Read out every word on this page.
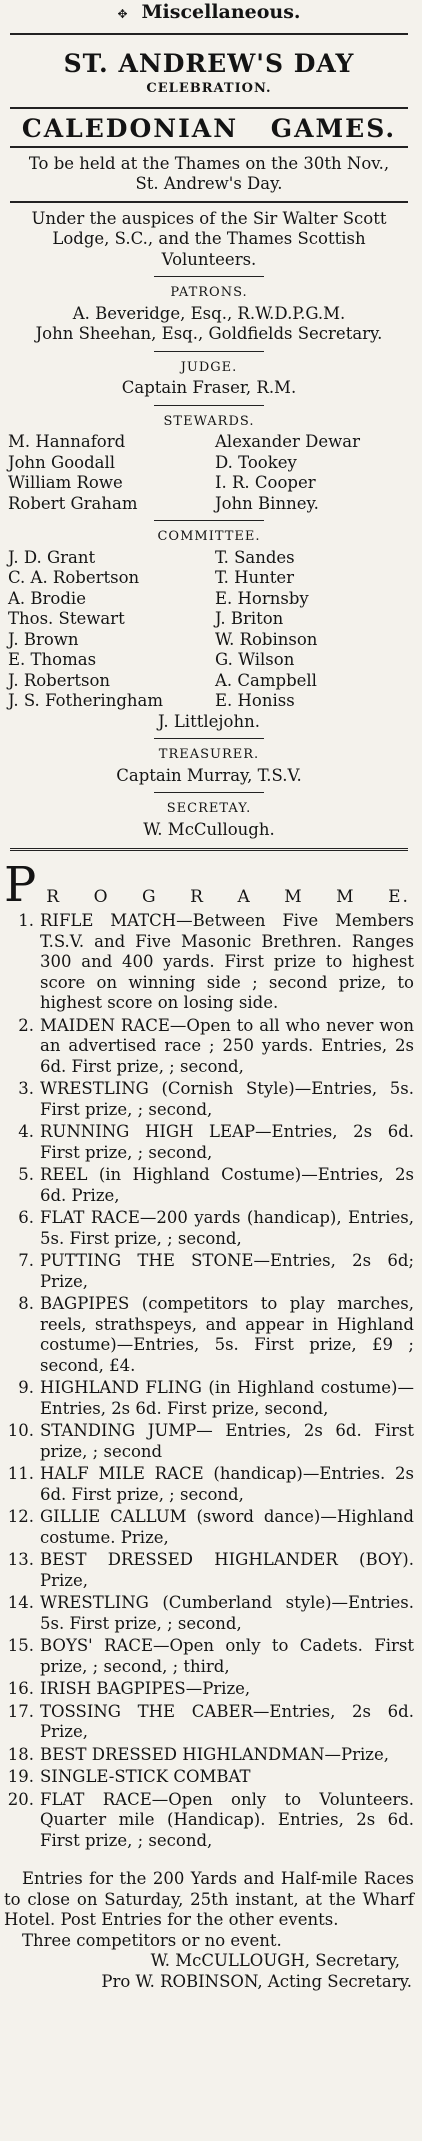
✥ Miscellaneous.
ST. ANDREW'S DAY
CELEBRATION.
CALEDONIAN GAMES.
To be held at the Thames on the 30th Nov.,
St. Andrew's Day.
Under the auspices of the Sir Walter Scott
Lodge, S.C., and the Thames Scottish
Volunteers.
PATRONS.
A. Beveridge, Esq., R.W.D.P.G.M.
John Sheehan, Esq., Goldfields Secretary.
JUDGE.
Captain Fraser, R.M.
STEWARDS.
M. Hannaford	Alexander Dewar
John Goodall	D. Tookey
William Rowe	I. R. Cooper
Robert Graham	John Binney.
COMMITTEE.
J. D. Grant	T. Sandes
C. A. Robertson	T. Hunter
A. Brodie	E. Hornsby
Thos. Stewart	J. Briton
J. Brown	W. Robinson
E. Thomas	G. Wilson
J. Robertson	A. Campbell
J. S. Fotheringham	E. Honiss
J. Littlejohn.
TREASURER.
Captain Murray, T.S.V.
SECRETAY.
W. McCullough.
P R O G R A M M E.
1. RIFLE MATCH—Between Five Members T.S.V. and Five Masonic Brethren. Ranges 300 and 400 yards. First prize to highest score on winning side ; second prize, to highest score on losing side.
2. MAIDEN RACE—Open to all who never won an advertised race ; 250 yards. Entries, 2s 6d. First prize, ; second,
3. WRESTLING (Cornish Style)—Entries, 5s. First prize, ; second,
4. RUNNING HIGH LEAP—Entries, 2s 6d. First prize, ; second,
5. REEL (in Highland Costume)—Entries, 2s 6d. Prize,
6. FLAT RACE—200 yards (handicap), Entries, 5s. First prize, ; second,
7. PUTTING THE STONE—Entries, 2s 6d; Prize,
8. BAGPIPES (competitors to play marches, reels, strathspeys, and appear in Highland costume)—Entries, 5s. First prize, £9 ; second, £4.
9. HIGHLAND FLING (in Highland costume)—Entries, 2s 6d. First prize, second,
10. STANDING JUMP— Entries, 2s 6d. First prize, ; second
11. HALF MILE RACE (handicap)—Entries. 2s 6d. First prize, ; second,
12. GILLIE CALLUM (sword dance)—Highland costume. Prize,
13. BEST DRESSED HIGHLANDER (BOY). Prize,
14. WRESTLING (Cumberland style)—Entries. 5s. First prize, ; second,
15. BOYS' RACE—Open only to Cadets. First prize, ; second, ; third,
16. IRISH BAGPIPES—Prize,
17. TOSSING THE CABER—Entries, 2s 6d. Prize,
18. BEST DRESSED HIGHLANDMAN—Prize,
19. SINGLE-STICK COMBAT
20. FLAT RACE—Open only to Volunteers. Quarter mile (Handicap). Entries, 2s 6d. First prize, ; second,

Entries for the 200 Yards and Half-mile Races to close on Saturday, 25th instant, at the Wharf Hotel. Post Entries for the other events.

Three competitors or no event.

W. McCULLOUGH, Secretary,
Pro W. ROBINSON, Acting Secretary.
